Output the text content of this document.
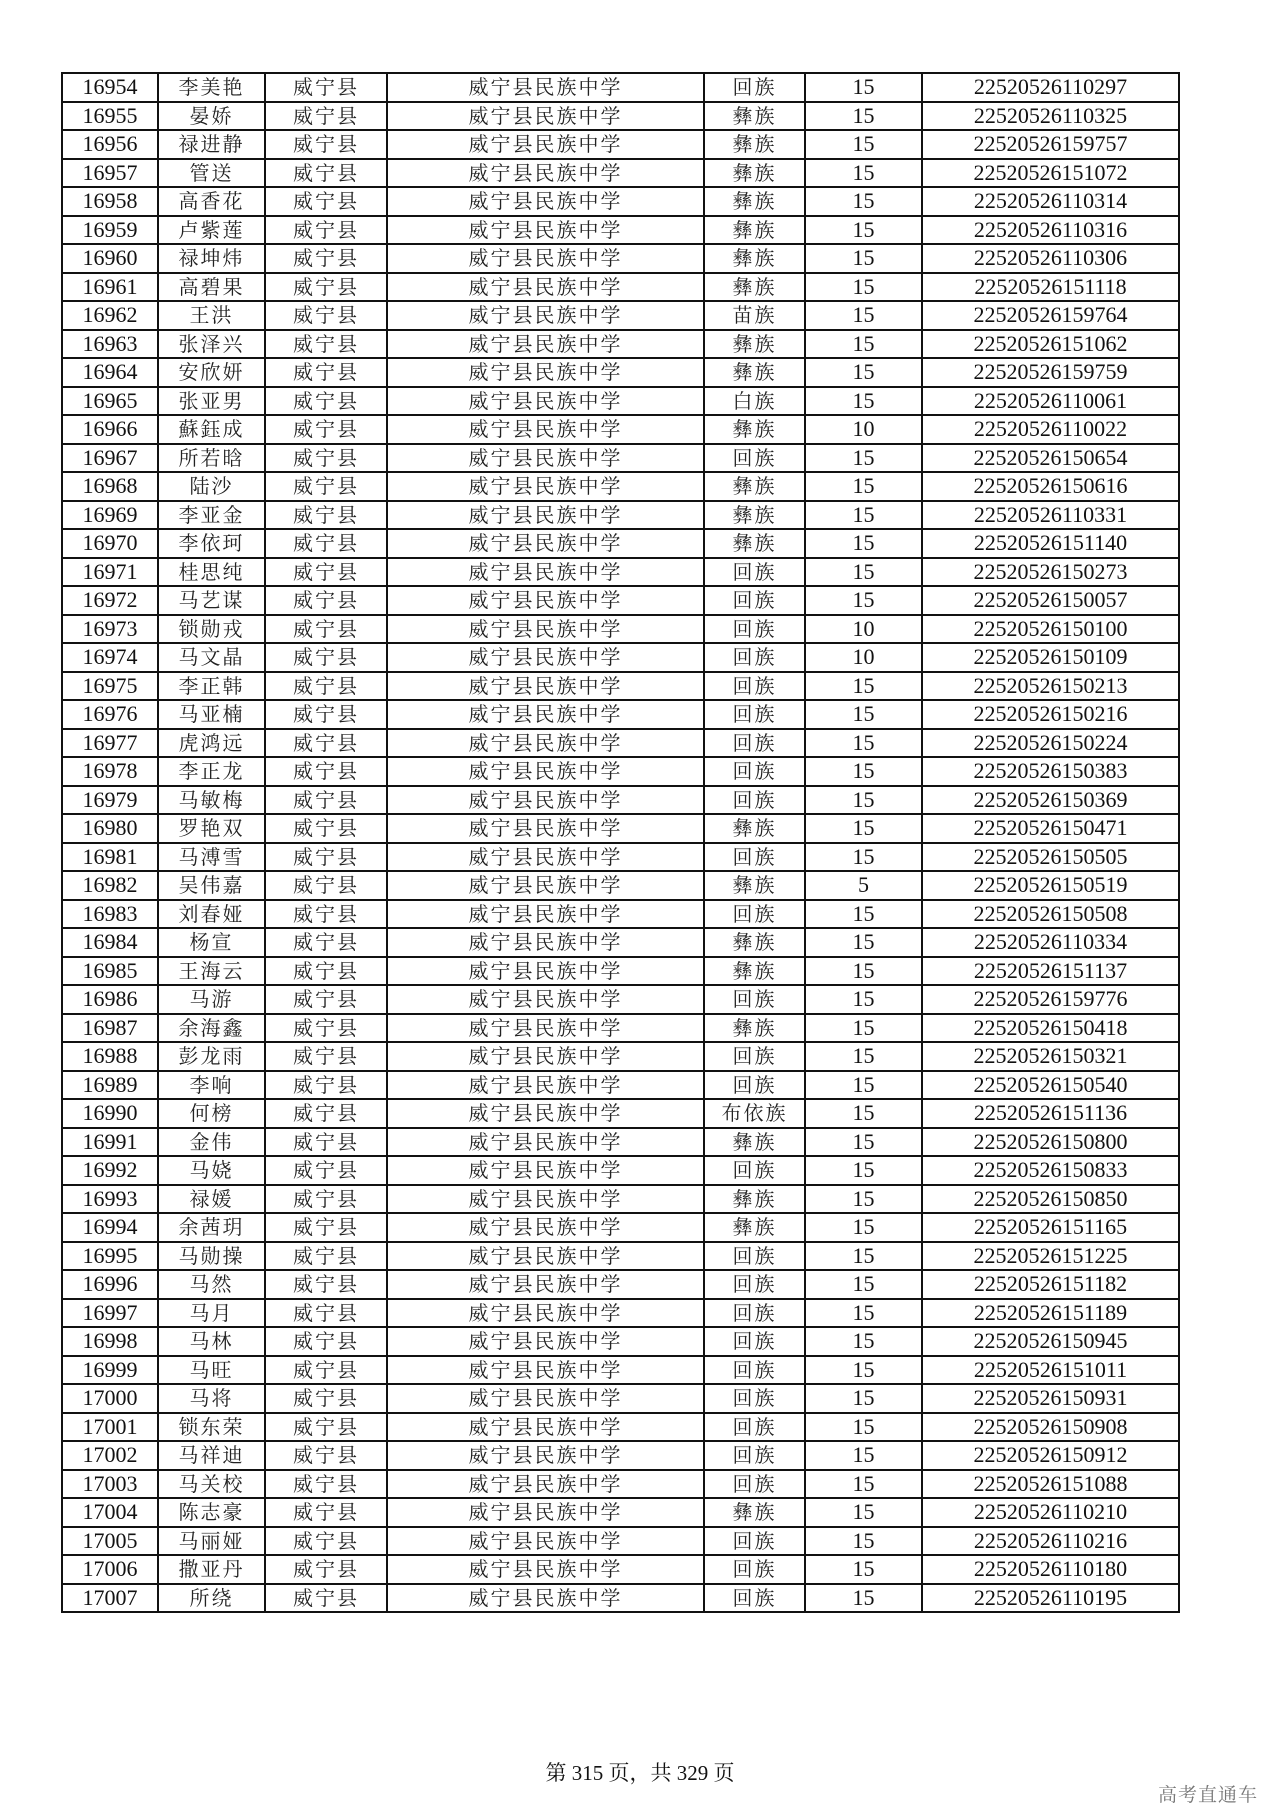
16954	李美艳	威宁县	威宁县民族中学	回族	15	22520526110297
16955	晏娇	威宁县	威宁县民族中学	彝族	15	22520526110325
16956	禄进静	威宁县	威宁县民族中学	彝族	15	22520526159757
16957	管送	威宁县	威宁县民族中学	彝族	15	22520526151072
16958	高香花	威宁县	威宁县民族中学	彝族	15	22520526110314
16959	卢紫莲	威宁县	威宁县民族中学	彝族	15	22520526110316
16960	禄坤炜	威宁县	威宁县民族中学	彝族	15	22520526110306
16961	高碧果	威宁县	威宁县民族中学	彝族	15	22520526151118
16962	王洪	威宁县	威宁县民族中学	苗族	15	22520526159764
16963	张泽兴	威宁县	威宁县民族中学	彝族	15	22520526151062
16964	安欣妍	威宁县	威宁县民族中学	彝族	15	22520526159759
16965	张亚男	威宁县	威宁县民族中学	白族	15	22520526110061
16966	蘇鈺成	威宁县	威宁县民族中学	彝族	10	22520526110022
16967	所若晗	威宁县	威宁县民族中学	回族	15	22520526150654
16968	陆沙	威宁县	威宁县民族中学	彝族	15	22520526150616
16969	李亚金	威宁县	威宁县民族中学	彝族	15	22520526110331
16970	李依珂	威宁县	威宁县民族中学	彝族	15	22520526151140
16971	桂思纯	威宁县	威宁县民族中学	回族	15	22520526150273
16972	马艺谋	威宁县	威宁县民族中学	回族	15	22520526150057
16973	锁勋戎	威宁县	威宁县民族中学	回族	10	22520526150100
16974	马文晶	威宁县	威宁县民族中学	回族	10	22520526150109
16975	李正韩	威宁县	威宁县民族中学	回族	15	22520526150213
16976	马亚楠	威宁县	威宁县民族中学	回族	15	22520526150216
16977	虎鸿远	威宁县	威宁县民族中学	回族	15	22520526150224
16978	李正龙	威宁县	威宁县民族中学	回族	15	22520526150383
16979	马敏梅	威宁县	威宁县民族中学	回族	15	22520526150369
16980	罗艳双	威宁县	威宁县民族中学	彝族	15	22520526150471
16981	马溥雪	威宁县	威宁县民族中学	回族	15	22520526150505
16982	吴伟嘉	威宁县	威宁县民族中学	彝族	5	22520526150519
16983	刘春娅	威宁县	威宁县民族中学	回族	15	22520526150508
16984	杨宣	威宁县	威宁县民族中学	彝族	15	22520526110334
16985	王海云	威宁县	威宁县民族中学	彝族	15	22520526151137
16986	马游	威宁县	威宁县民族中学	回族	15	22520526159776
16987	余海鑫	威宁县	威宁县民族中学	彝族	15	22520526150418
16988	彭龙雨	威宁县	威宁县民族中学	回族	15	22520526150321
16989	李响	威宁县	威宁县民族中学	回族	15	22520526150540
16990	何榜	威宁县	威宁县民族中学	布依族	15	22520526151136
16991	金伟	威宁县	威宁县民族中学	彝族	15	22520526150800
16992	马娆	威宁县	威宁县民族中学	回族	15	22520526150833
16993	禄媛	威宁县	威宁县民族中学	彝族	15	22520526150850
16994	余茜玥	威宁县	威宁县民族中学	彝族	15	22520526151165
16995	马勋操	威宁县	威宁县民族中学	回族	15	22520526151225
16996	马然	威宁县	威宁县民族中学	回族	15	22520526151182
16997	马月	威宁县	威宁县民族中学	回族	15	22520526151189
16998	马林	威宁县	威宁县民族中学	回族	15	22520526150945
16999	马旺	威宁县	威宁县民族中学	回族	15	22520526151011
17000	马将	威宁县	威宁县民族中学	回族	15	22520526150931
17001	锁东荣	威宁县	威宁县民族中学	回族	15	22520526150908
17002	马祥迪	威宁县	威宁县民族中学	回族	15	22520526150912
17003	马关校	威宁县	威宁县民族中学	回族	15	22520526151088
17004	陈志豪	威宁县	威宁县民族中学	彝族	15	22520526110210
17005	马丽娅	威宁县	威宁县民族中学	回族	15	22520526110216
17006	撒亚丹	威宁县	威宁县民族中学	回族	15	22520526110180
17007	所绕	威宁县	威宁县民族中学	回族	15	22520526110195
第 315 页，共 329 页
高考直通车
